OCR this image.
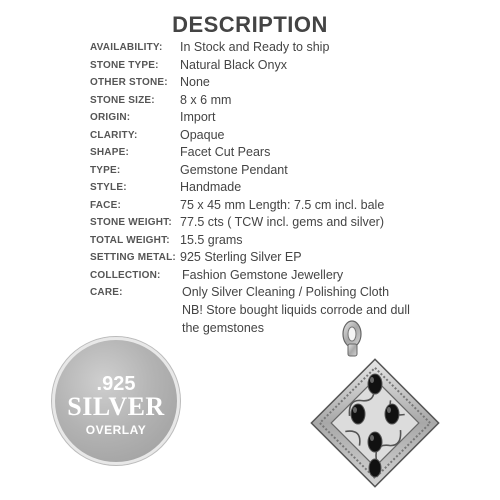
DESCRIPTION
AVAILABILITY: In Stock and Ready to ship
STONE TYPE: Natural Black Onyx
OTHER STONE: None
STONE SIZE: 8 x 6 mm
ORIGIN:	Import
CLARITY:	Opaque
SHAPE:	Facet Cut Pears
TYPE:	Gemstone Pendant
STYLE:	Handmade
FACE:	75 x 45 mm Length: 7.5 cm incl. bale
STONE WEIGHT: 77.5 cts ( TCW incl. gems and silver)
TOTAL WEIGHT: 15.5 grams
SETTING METAL: 925 Sterling Silver EP
COLLECTION: Fashion Gemstone Jewellery
CARE:	Only Silver Cleaning / Polishing Cloth
NB! Store bought liquids corrode and dull the gemstones
.925
SILVER
OVERLAY
